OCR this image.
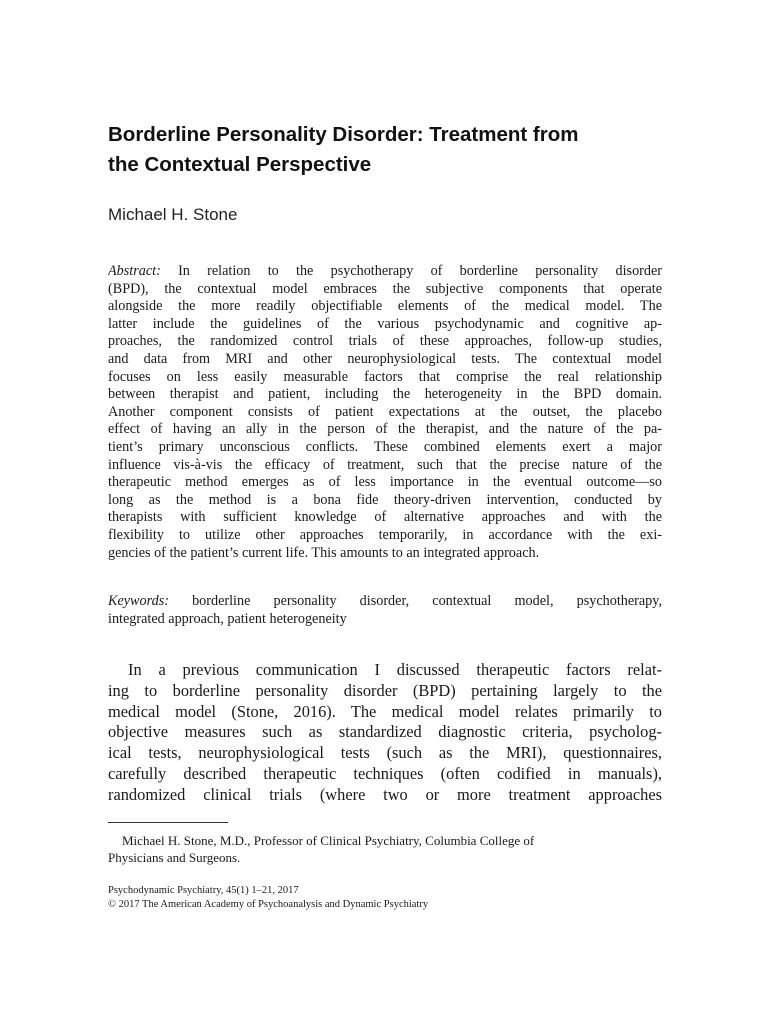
Borderline Personality Disorder: Treatment from
the Contextual Perspective
Michael H. Stone
Abstract: In relation to the psychotherapy of borderline personality disorder
(BPD), the contextual model embraces the subjective components that operate
alongside the more readily objectifiable elements of the medical model. The
latter include the guidelines of the various psychodynamic and cognitive ap-
proaches, the randomized control trials of these approaches, follow-up studies,
and data from MRI and other neurophysiological tests. The contextual model
focuses on less easily measurable factors that comprise the real relationship
between therapist and patient, including the heterogeneity in the BPD domain.
Another component consists of patient expectations at the outset, the placebo
effect of having an ally in the person of the therapist, and the nature of the pa-
tient’s primary unconscious conflicts. These combined elements exert a major
influence vis-à-vis the efficacy of treatment, such that the precise nature of the
therapeutic method emerges as of less importance in the eventual outcome—so
long as the method is a bona fide theory-driven intervention, conducted by
therapists with sufficient knowledge of alternative approaches and with the
flexibility to utilize other approaches temporarily, in accordance with the exi-
gencies of the patient’s current life. This amounts to an integrated approach.
Keywords: borderline personality disorder, contextual model, psychotherapy,
integrated approach, patient heterogeneity
In a previous communication I discussed therapeutic factors relat-
ing to borderline personality disorder (BPD) pertaining largely to the
medical model (Stone, 2016). The medical model relates primarily to
objective measures such as standardized diagnostic criteria, psycholog-
ical tests, neurophysiological tests (such as the MRI), questionnaires,
carefully described therapeutic techniques (often codified in manuals),
randomized clinical trials (where two or more treatment approaches
Michael H. Stone, M.D., Professor of Clinical Psychiatry, Columbia College of
Physicians and Surgeons.
Psychodynamic Psychiatry, 45(1) 1–21, 2017
© 2017 The American Academy of Psychoanalysis and Dynamic Psychiatry
